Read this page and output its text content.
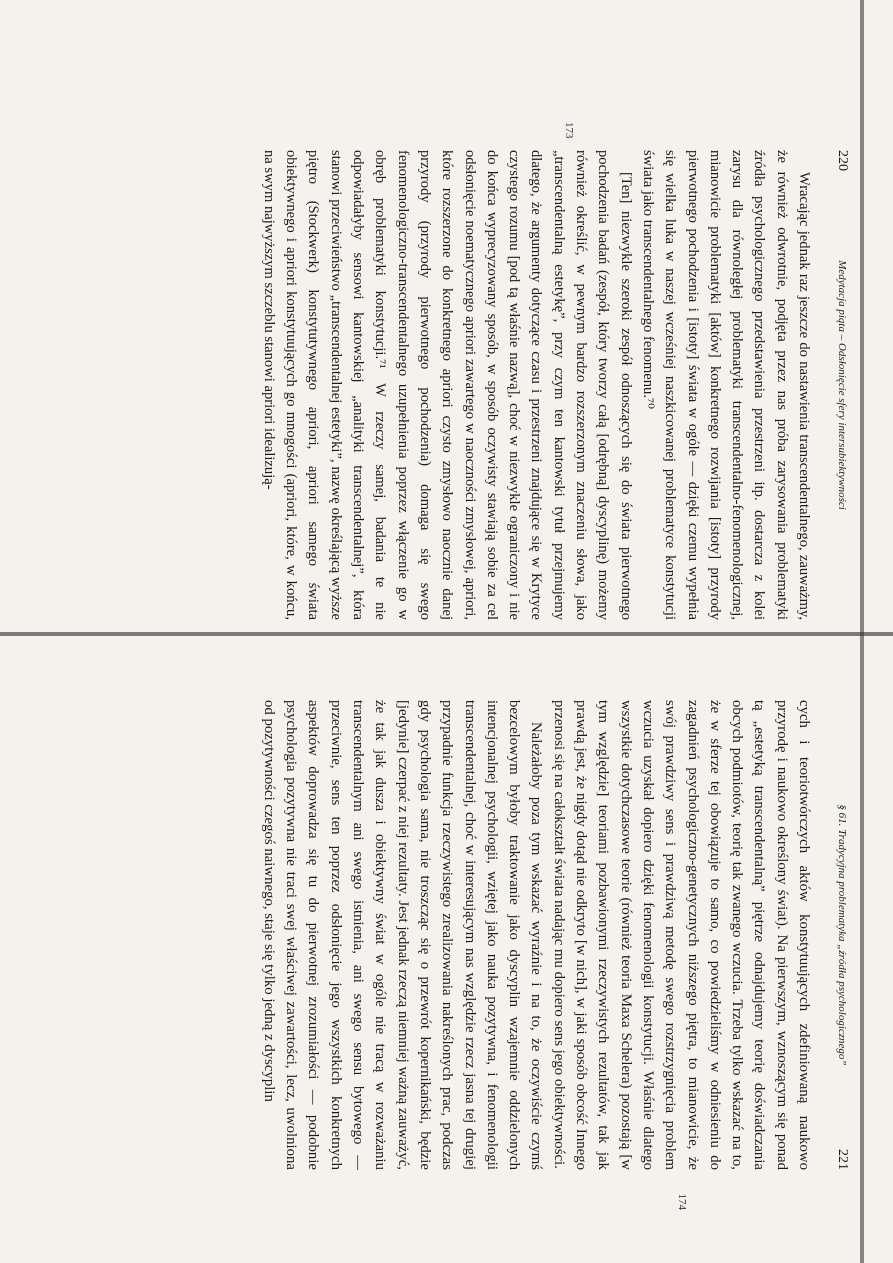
220
Medytacja piąta – Odsłonięcie sfery intersubiektywności
173

Wracając jednak raz jeszcze do nastawienia transcendentalnego, zauważmy, że również odwrotnie, podjęta przez nas próba zarysowania problematyki źródła psychologicznego przedstawienia przestrzeni itp. dostarcza z kolei zarysu dla równoległej problematyki transcendentalno-fenomenologicznej, mianowicie problematyki [aktów] konkretnego rozwijania [istoty] przyrody pierwotnego pochodzenia i [istoty] świata w ogóle — dzięki czemu wypełnia się wielka luka w naszej wcześniej naszkicowanej problematyce konstytucji świata jako transcendentalnego fenomenu.⁷⁰

[Ten] niezwykle szeroki zespół odnoszących się do świata pierwotnego pochodzenia badań (zespół, który tworzy całą [odrębną] dyscyplinę) możemy również określić, w pewnym bardzo rozszerzonym znaczeniu słowa, jako „transcendentalną estetykę”, przy czym ten kantowski tytuł przejmujemy dlatego, że argumenty dotyczące czasu i przestrzeni znajdujące się w Krytyce czystego rozumu [pod tą właśnie nazwą], choć w niezwykle ograniczony i nie do końca wyprecyzowany sposób, w sposób oczywisty stawiają sobie za cel odsłonięcie noematycznego apriori zawartego w naoczności zmysłowej, apriori, które rozszerzone do konkretnego apriori czysto zmysłowo naocznie danej przyrody (przyrody pierwotnego pochodzenia) domaga się swego fenomenologiczno-transcendentalnego uzupełnienia poprzez włączenie go w obręb problematyki konstytucji.⁷¹ W rzeczy samej, badania te nie odpowiadałyby sensowi kantowskiej „analityki transcendentalnej”, która stanowi przeciwieństwo „transcendentalnej estetyki”, nazwę określającą wyższe piętro (Stockwerk) konstytutywnego apriori, apriori samego świata obiektywnego i apriori konstytuujących go mnogości (apriori, które, w końcu, na swym najwyższym szczeblu stanowi apriori idealizują-

§ 61. Tradycyjna problematyka „źródła psychologicznego”
221
174

cych i teoriotwórczych aktów konstytuujących zdefiniowaną naukowo przyrodę i naukowo określony świat). Na pierwszym, wznoszącym się ponad tą „estetyką transcendentalną” piętrze odnajdujemy teorię doświadczania obcych podmiotów, teorię tak zwanego wczucia. Trzeba tylko wskazać na to, że w sferze tej obowiązuje to samo, co powiedzieliśmy w odniesieniu do zagadnień psychologiczno-genetycznych niższego piętra, to mianowicie, że swój prawdziwy sens i prawdziwą metodę swego rozstrzygnięcia problem wczucia uzyskał dopiero dzięki fenomenologii konstytucji. Właśnie dlatego wszystkie dotychczasowe teorie (również teoria Maxa Schelera) pozostają [w tym względzie] teoriami pozbawionymi rzeczywistych rezultatów, tak jak prawdą jest, że nigdy dotąd nie odkryto [w nich], w jaki sposób obcość Innego przenosi się na całokształt świata nadając mu dopiero sens jego obiektywności.

Należałoby poza tym wskazać wyraźnie i na to, że oczywiście czymś bezcelowym byłoby traktowanie jako dyscyplin wzajemnie oddzielonych intencjonalnej psychologii, wziętej jako nauka pozytywna, i fenomenologii transcendentalnej, choć w interesującym nas względzie rzecz jasna tej drugiej przypadnie funkcja rzeczywistego zrealizowania nakreślonych prac, podczas gdy psychologia sama, nie troszcząc się o przewrót kopernikański, będzie [jedynie] czerpać z niej rezultaty. Jest jednak rzeczą niemniej ważną zauważyć, że tak jak dusza i obiektywny świat w ogóle nie tracą w rozważaniu transcendentalnym ani swego istnienia, ani swego sensu bytowego — przeciwnie, sens ten poprzez odsłonięcie jego wszystkich konkretnych aspektów doprowadza się tu do pierwotnej zrozumiałości — podobnie psychologia pozytywna nie traci swej właściwej zawartości, lecz, uwolniona od pozytywności czegoś naiwnego, staje się tylko jedną z dyscyplin
